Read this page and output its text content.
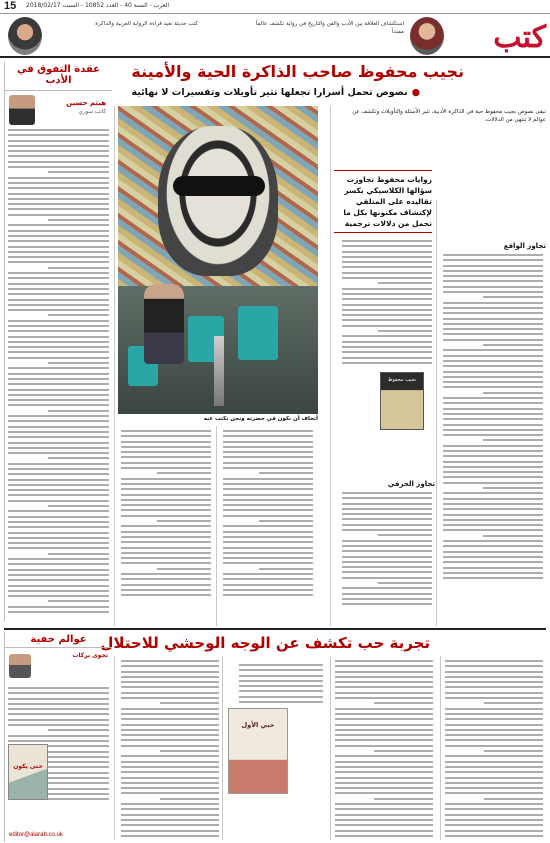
15 العرب - السنة 40 - العدد 10852 - السبت 2018/02/17
استكشاف العلاقة بين الأدب والفن والتاريخ في رواية تكشف عالماً ممتداً
كتب حديثة تعيد قراءة الرواية العربية والذاكرة	كتب
نجيب محفوظ صاحب الذاكرة الحية والأمينة
● نصوص تحمل أسرارا تجعلها تثير تأويلات وتفسيرات لا نهائية
عقدة التفوق في الأدب
هيثم حسين
كاتب سوري	تبقى نصوص نجيب محفوظ حية في الذاكرة الأدبية، تثير الأسئلة والتأويلات وتكشف عن عوالم لا تنتهي من الدلالات.
تجاوز الواقع
روايات محفوظ تجاوزت سؤالها الكلاسيكي بكسر تقاليده على المتلقي لإكتشاف مكنونها بكل ما تحمل من دلالات ترجمية
نجيب محفوظ
تجاوز الحرفي
أتخاف أن نكون في حضرته ونحن نكتب عنه
تجربة حب تكشف عن الوجه الوحشي للاحتلال
عوالم خفية
نجوى بركات
editor@alarab.co.uk
حتى يكون
حبي الأول
